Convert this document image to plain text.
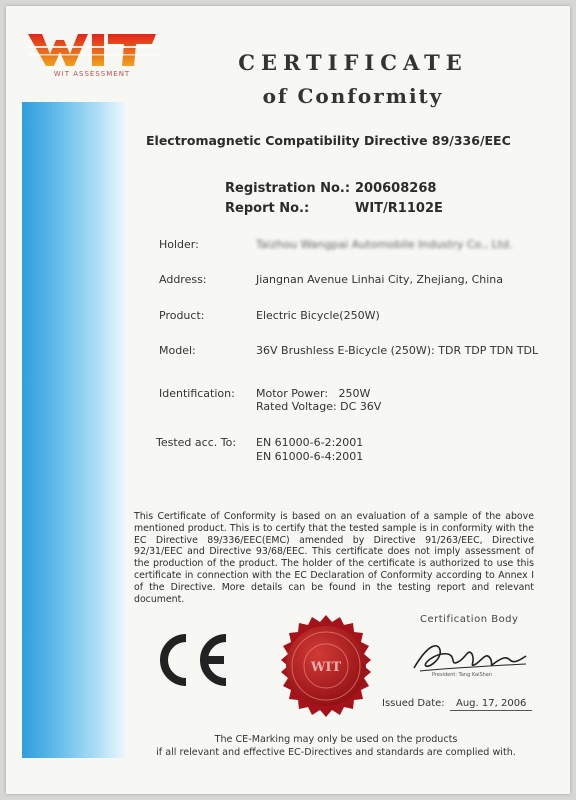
WIT ASSESSMENT	CERTIFICATE
of Conformity
Electromagnetic Compatibility Directive 89/336/EEC
Registration No.: 200608268
Report No.:	WIT/R1102E
Holder:	Taizhou Wangpai Automobile Industry Co., Ltd.
Address:	Jiangnan Avenue Linhai City, Zhejiang, China
Product:	Electric Bicycle(250W)
Model:	36V Brushless E-Bicycle (250W): TDR TDP TDN TDL
Identification: Motor Power:   250W
Rated Voltage: DC 36V
Tested acc. To: EN 61000-6-2:2001
EN 61000-6-4:2001
This Certificate of Conformity is based on an evaluation of a sample of the above mentioned product. This is to certify that the tested sample is in conformity with the EC Directive 89/336/EEC(EMC) amended by Directive 91/263/EEC, Directive 92/31/EEC and Directive 93/68/EEC. This certificate does not imply assessment of the production of the product. The holder of the certificate is authorized to use this certificate in connection with the EC Declaration of Conformity according to Annex I of the Directive. More details can be found in the testing report and relevant document.
Certification Body
WIT	President: Tang KaiShan
Issued Date:	Aug. 17, 2006
The CE-Marking may only be used on the products
if all relevant and effective EC-Directives and standards are complied with.
